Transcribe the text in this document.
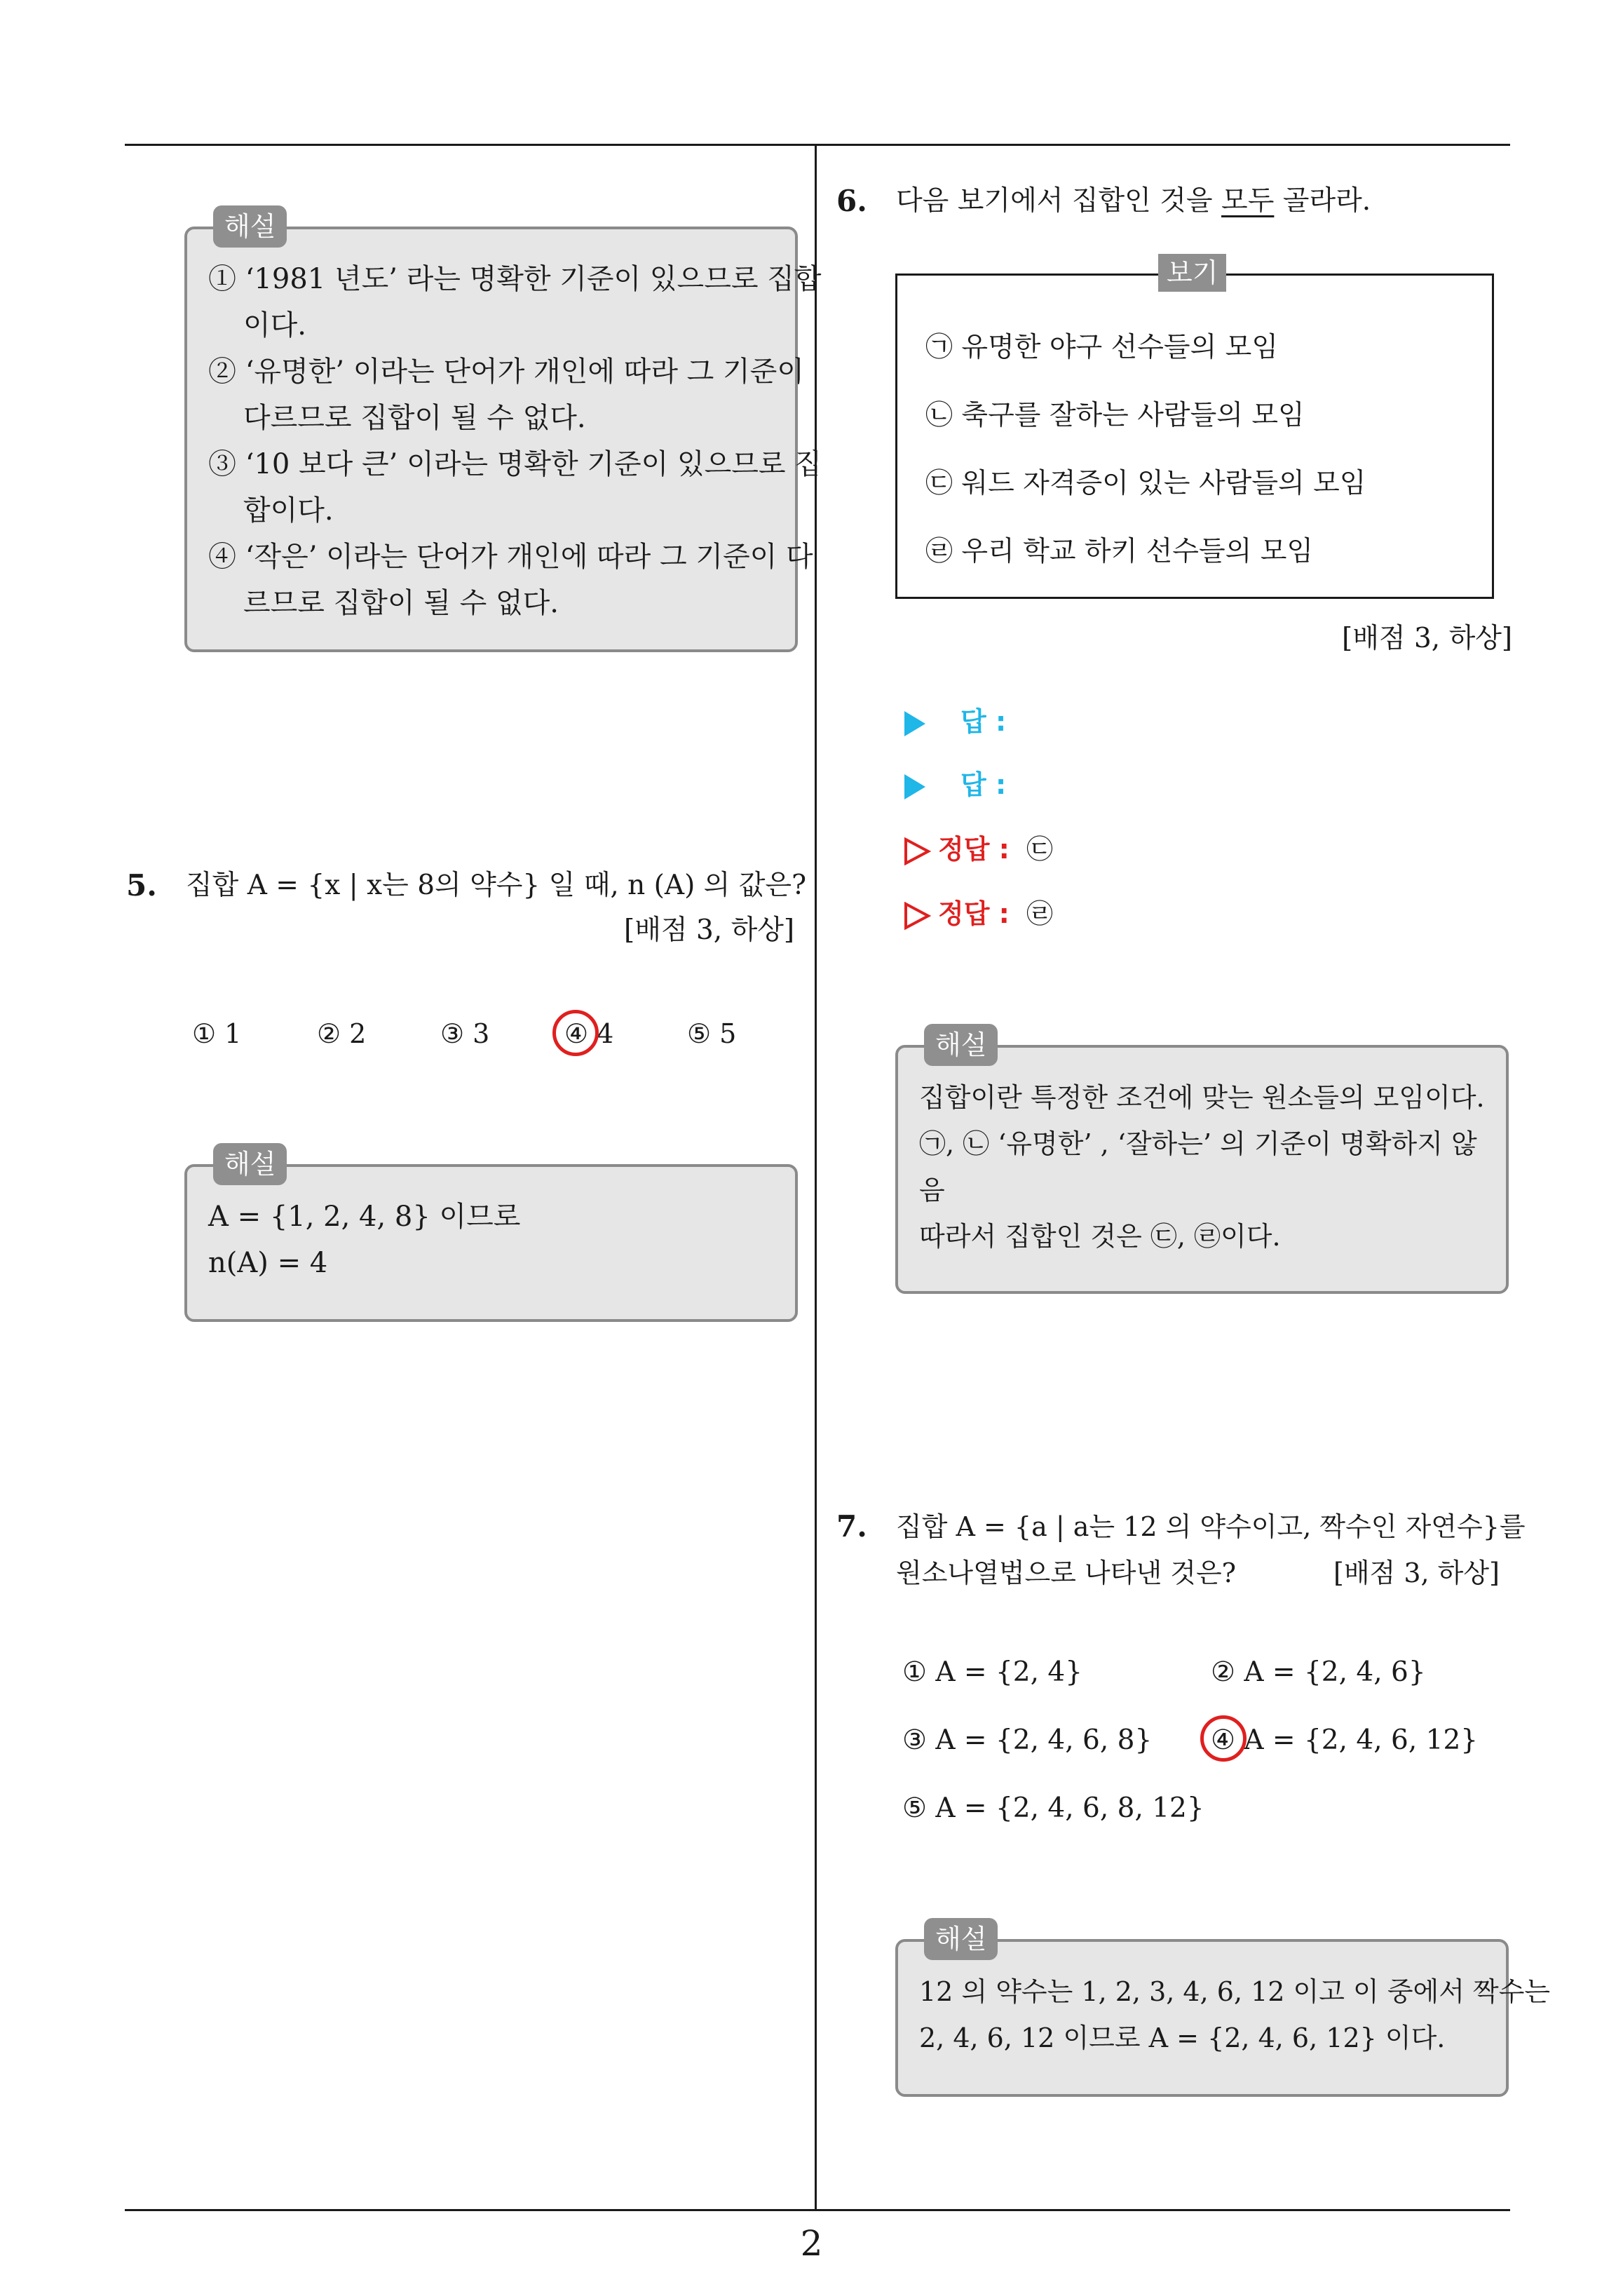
2
① ‘1981 년도’ 라는 명확한 기준이 있으므로 집합
이다.
② ‘유명한’ 이라는 단어가 개인에 따라 그 기준이
다르므로 집합이 될 수 없다.
③ ‘10 보다 큰’ 이라는 명확한 기준이 있으므로 집
합이다.
④ ‘작은’ 이라는 단어가 개인에 따라 그 기준이 다
르므로 집합이 될 수 없다.
해설
5. 집합 A = {x | x는 8의 약수} 일 때, n (A) 의 값은?
[배점 3, 하상]
① 1	② 2	③ 3	④ 4	⑤ 5
A = {1, 2, 4, 8} 이므로
n(A) = 4
해설
6. 다음 보기에서 집합인 것을 모두 골라라.
㉠ 유명한 야구 선수들의 모임
㉡ 축구를 잘하는 사람들의 모임
㉢ 워드 자격증이 있는 사람들의 모임
㉣ 우리 학교 하키 선수들의 모임
보기
[배점 3, 하상]
답 :
답 :
정답 : ㉢
정답 : ㉣
집합이란 특정한 조건에 맞는 원소들의 모임이다.
㉠, ㉡ ‘유명한’ , ‘잘하는’ 의 기준이 명확하지 않
음
따라서 집합인 것은 ㉢, ㉣이다.
해설
7. 집합 A = {a | a는 12 의 약수이고, 짝수인 자연수}를
원소나열법으로 나타낸 것은?	[배점 3, 하상]
① A = {2, 4}	② A = {2, 4, 6}
③ A = {2, 4, 6, 8} ④ A = {2, 4, 6, 12}
⑤ A = {2, 4, 6, 8, 12}
12 의 약수는 1, 2, 3, 4, 6, 12 이고 이 중에서 짝수는
2, 4, 6, 12 이므로 A = {2, 4, 6, 12} 이다.
해설
